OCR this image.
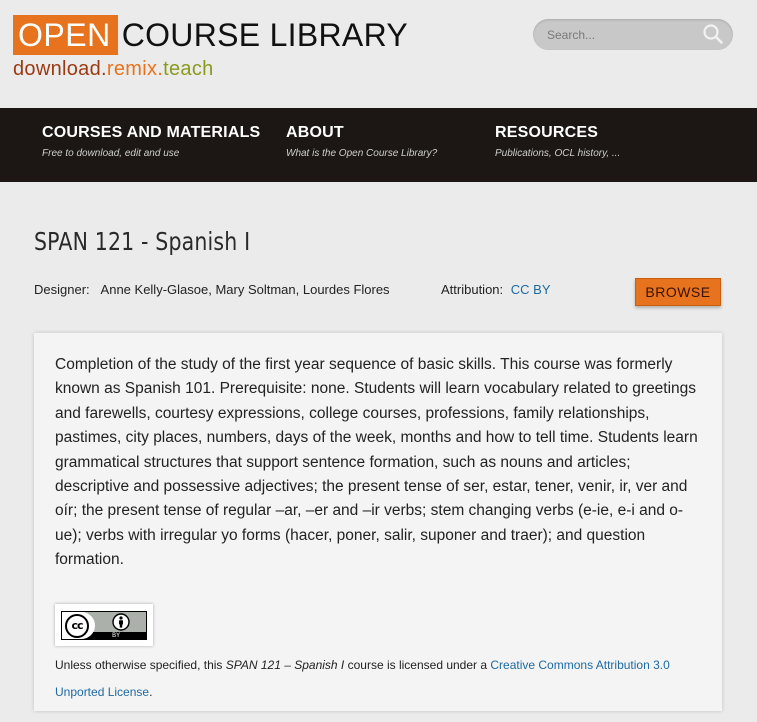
OPEN COURSE LIBRARY
download.remix.teach
Search...
COURSES AND MATERIALS
Free to download, edit and use
ABOUT
What is the Open Course Library?
RESOURCES
Publications, OCL history, ...
SPAN 121 - Spanish I
Designer: Anne Kelly-Glasoe, Mary Soltman, Lourdes Flores	Attribution: CC BY	BROWSE

Completion of the study of the first year sequence of basic skills. This course was formerly known as Spanish 101. Prerequisite: none. Students will learn vocabulary related to greetings and farewells, courtesy expressions, college courses, professions, family relationships, pastimes, city places, numbers, days of the week, months and how to tell time. Students learn grammatical structures that support sentence formation, such as nouns and articles; descriptive and possessive adjectives; the present tense of ser, estar, tener, venir, ir, ver and oír; the present tense of regular –ar, –er and –ir verbs; stem changing verbs (e-ie, e-i and o-ue); verbs with irregular yo forms (hacer, poner, salir, suponer and traer); and question formation.

cc
BY

Unless otherwise specified, this SPAN 121 – Spanish I course is licensed under a Creative Commons Attribution 3.0 Unported License.
